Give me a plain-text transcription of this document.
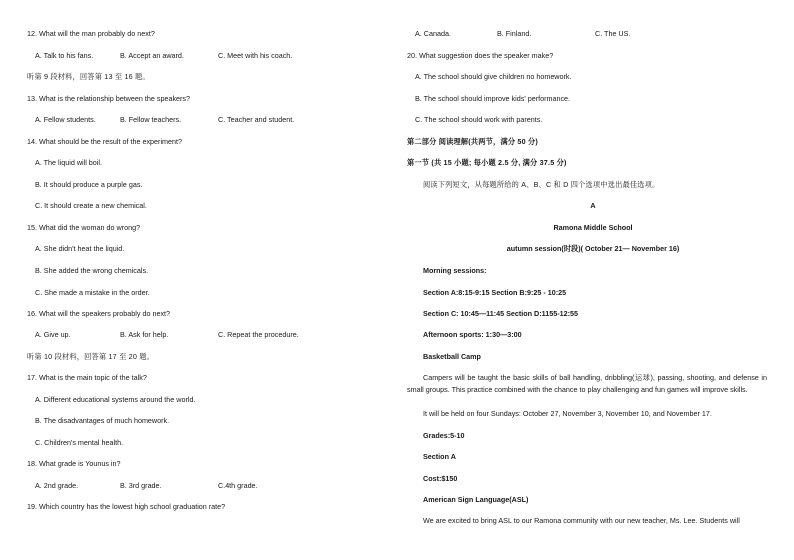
12. What will the man probably do next?
A. Talk to his fans.	B. Accept an award.	C. Meet with his coach.
听第 9 段材料，回答第 13 至 16 题。
13. What is the relationship between the speakers?
A. Fellow students.	B. Fellow teachers.	C. Teacher and student.
14. What should be the result of the experiment?
A. The liquid will boil.
B. It should produce a purple gas.
C. It should create a new chemical.
15. What did the woman do wrong?
A. She didn't heat the liquid.
B. She added the wrong chemicals.
C. She made a mistake in the order.
16. What will the speakers probably do next?
A. Give up.	B. Ask for help.	C. Repeat the procedure.
听第 10 段材料，回答第 17 至 20 题。
17. What is the main topic of the talk?
A. Different educational systems around the world.
B. The disadvantages of much homework.
C. Children's mental health.
18. What grade is Younus in?
A. 2nd grade.	B. 3rd grade.	C.4th grade.
19. Which country has the lowest high school graduation rate?
A. Canada.	B. Finland.	C. The US.
20. What suggestion does the speaker make?
A. The school should give children no homework.
B. The school should improve kids' performance.
C. The school should work with parents.
第二部分 阅读理解(共两节，满分 50 分)
第一节 (共 15 小题; 每小题 2.5 分, 满分 37.5 分)
阅读下列短文，从每题所给的 A、B、C 和 D 四个选项中选出最佳选项。
A
Ramona Middle School
autumn session(时段)( October 21— November 16)
Morning sessions:
Section A:8:15-9:15 Section B:9:25 - 10:25
Section C: 10:45—11:45 Section D:1155-12:55
Afternoon sports: 1:30—3:00
Basketball Camp
Campers will be taught the basic skills of ball handling, dribbling(运球), passing, shooting, and defense in small groups. This practice combined with the chance to play challenging and fun games will improve skills.
It will be held on four Sundays: October 27, November 3, November 10, and November 17.
Grades:5-10
Section A
Cost:$150
American Sign Language(ASL)
We are excited to bring ASL to our Ramona community with our new teacher, Ms. Lee. Students will
